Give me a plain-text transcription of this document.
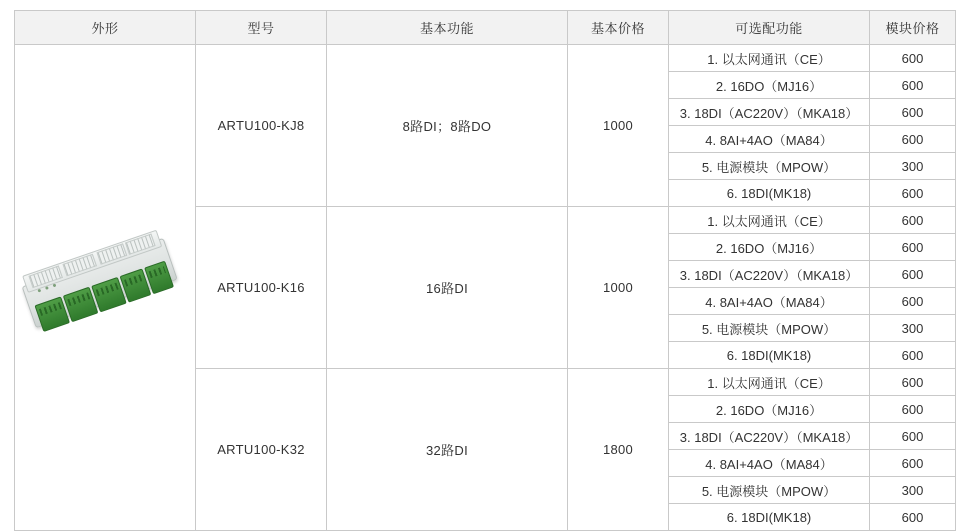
外形	型号	基本功能	基本价格	可选配功能	模块价格

	ARTU100-KJ8	8路DI；8路DO	1000	1. 以太网通讯（CE）	600
				2. 16DO（MJ16）	600
				3. 18DI（AC220V）（MKA18）	600
				4. 8AI+4AO（MA84）	600
				5. 电源模块（MPOW）	300
				6. 18DI(MK18)	600
	ARTU100-K16	16路DI	1000	1. 以太网通讯（CE）	600
				2. 16DO（MJ16）	600
				3. 18DI（AC220V）（MKA18）	600
				4. 8AI+4AO（MA84）	600
				5. 电源模块（MPOW）	300
				6. 18DI(MK18)	600
	ARTU100-K32	32路DI	1800	1. 以太网通讯（CE）	600
				2. 16DO（MJ16）	600
				3. 18DI（AC220V）（MKA18）	600
				4. 8AI+4AO（MA84）	600
				5. 电源模块（MPOW）	300
				6. 18DI(MK18)	600
